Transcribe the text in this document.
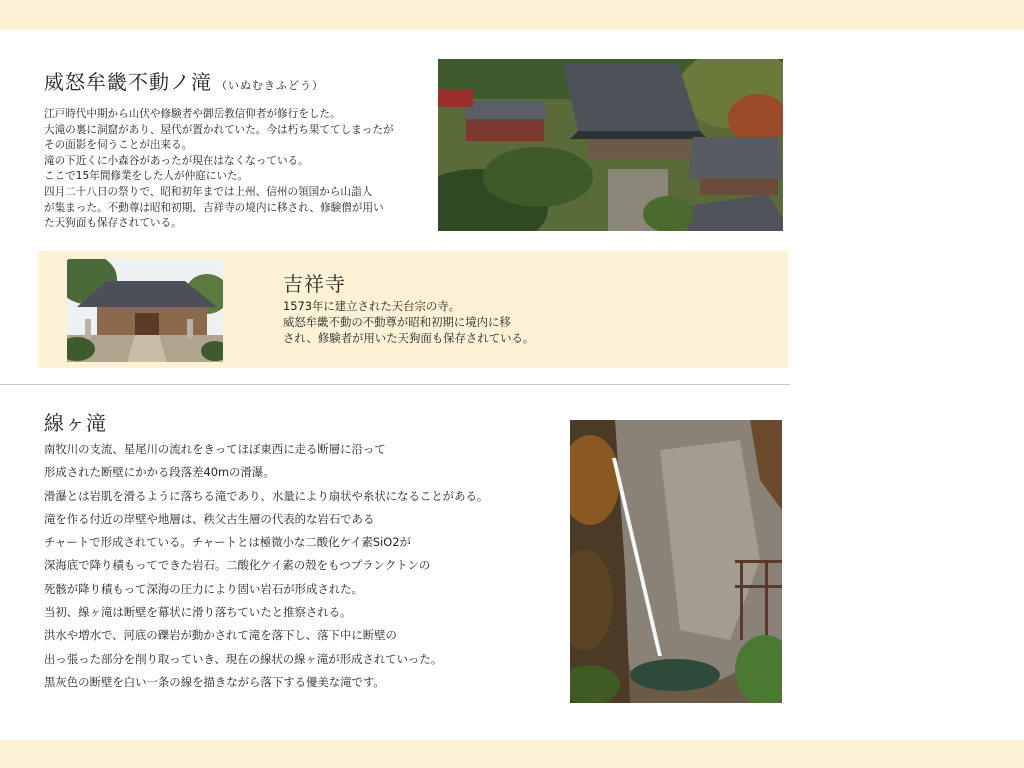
威怒牟畿不動ノ滝 （いぬむきふどう）

江戸時代中期から山伏や修験者や御岳教信仰者が修行をした。

大滝の裏に洞窟があり、屋代が置かれていた。今は朽ち果ててしまったが

その面影を伺うことが出来る。

滝の下近くに小森谷があったが現在はなくなっている。

ここで15年間修業をした人が仲庭にいた。

四月二十八日の祭りで、昭和初年までは上州、信州の領国から山詣人

が集まった。不動尊は昭和初期、吉祥寺の境内に移され、修験僧が用い

た天狗面も保存されている。

吉祥寺

1573年に建立された天台宗の寺。

威怒牟畿不動の不動尊が昭和初期に境内に移

され、修験者が用いた天狗面も保存されている。

線ヶ滝

南牧川の支流、星尾川の流れをきってほぼ東西に走る断層に沿って

形成された断壁にかかる段落差40mの滑瀑。

滑瀑とは岩肌を滑るように落ちる滝であり、水量により扇状や糸状になることがある。

滝を作る付近の岸壁や地層は、秩父古生層の代表的な岩石である

チャートで形成されている。チャートとは極微小な二酸化ケイ素SiO2が

深海底で降り積もってできた岩石。二酸化ケイ素の殻をもつプランクトンの

死骸が降り積もって深海の圧力により固い岩石が形成された。

当初、線ヶ滝は断壁を幕状に滑り落ちていたと推察される。

洪水や増水で、河底の礫岩が動かされて滝を落下し、落下中に断壁の

出っ張った部分を削り取っていき、現在の線状の線ヶ滝が形成されていった。

黒灰色の断壁を白い一条の線を描きながら落下する優美な滝です。
